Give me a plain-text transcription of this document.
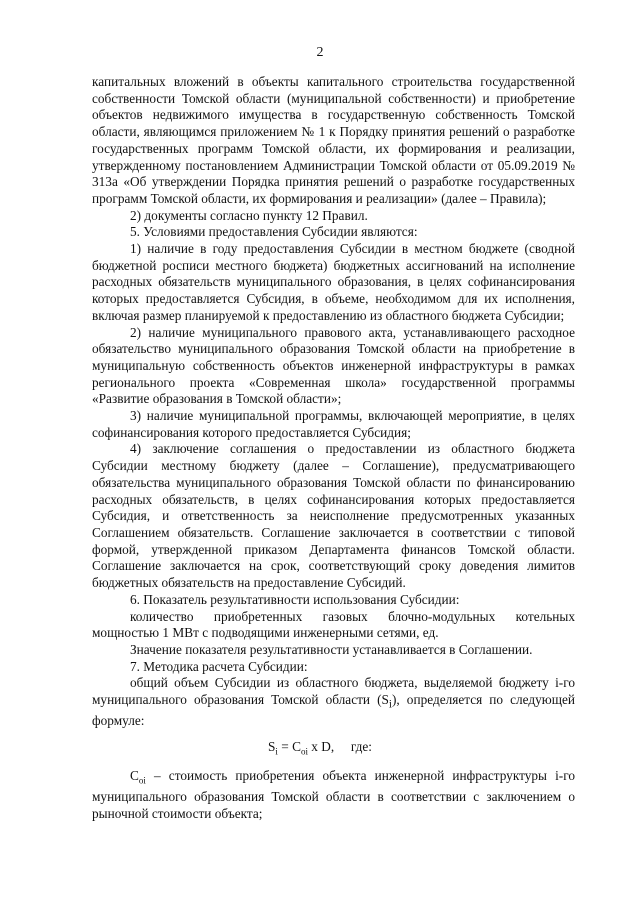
2

капитальных вложений в объекты капитального строительства государственной собственности Томской области (муниципальной собственности) и приобретение объектов недвижимого имущества в государственную собственность Томской области, являющимся приложением № 1 к Порядку принятия решений о разработке государственных программ Томской области, их формирования и реализации, утвержденному постановлением Администрации Томской области от 05.09.2019 № 313а «Об утверждении Порядка принятия решений о разработке государственных программ Томской области, их формирования и реализации» (далее – Правила);

2) документы согласно пункту 12 Правил.

5. Условиями предоставления Субсидии являются:

1) наличие в году предоставления Субсидии в местном бюджете (сводной бюджетной росписи местного бюджета) бюджетных ассигнований на исполнение расходных обязательств муниципального образования, в целях софинансирования которых предоставляется Субсидия, в объеме, необходимом для их исполнения, включая размер планируемой к предоставлению из областного бюджета Субсидии;

2) наличие муниципального правового акта, устанавливающего расходное обязательство муниципального образования Томской области на приобретение в муниципальную собственность объектов инженерной инфраструктуры в рамках регионального проекта «Современная школа» государственной программы «Развитие образования в Томской области»;

3) наличие муниципальной программы, включающей мероприятие, в целях софинансирования которого предоставляется Субсидия;

4) заключение соглашения о предоставлении из областного бюджета Субсидии местному бюджету (далее – Соглашение), предусматривающего обязательства муниципального образования Томской области по финансированию расходных обязательств, в целях софинансирования которых предоставляется Субсидия, и ответственность за неисполнение предусмотренных указанных Соглашением обязательств. Соглашение заключается в соответствии с типовой формой, утвержденной приказом Департамента финансов Томской области. Соглашение заключается на срок, соответствующий сроку доведения лимитов бюджетных обязательств на предоставление Субсидий.

6. Показатель результативности использования Субсидии:

количество приобретенных газовых блочно-модульных котельных мощностью 1 МВт с подводящими инженерными сетями, ед.

Значение показателя результативности устанавливается в Соглашении.

7. Методика расчета Субсидии:

общий объем Субсидии из областного бюджета, выделяемой бюджету i-го муниципального образования Томской области $(S_i)$, определяется по следующей формуле:

$S_i = C_{oi}$ x D, где:

$C_{oi}$ – стоимость приобретения объекта инженерной инфраструктуры i-го муниципального образования Томской области в соответствии с заключением о рыночной стоимости объекта;
